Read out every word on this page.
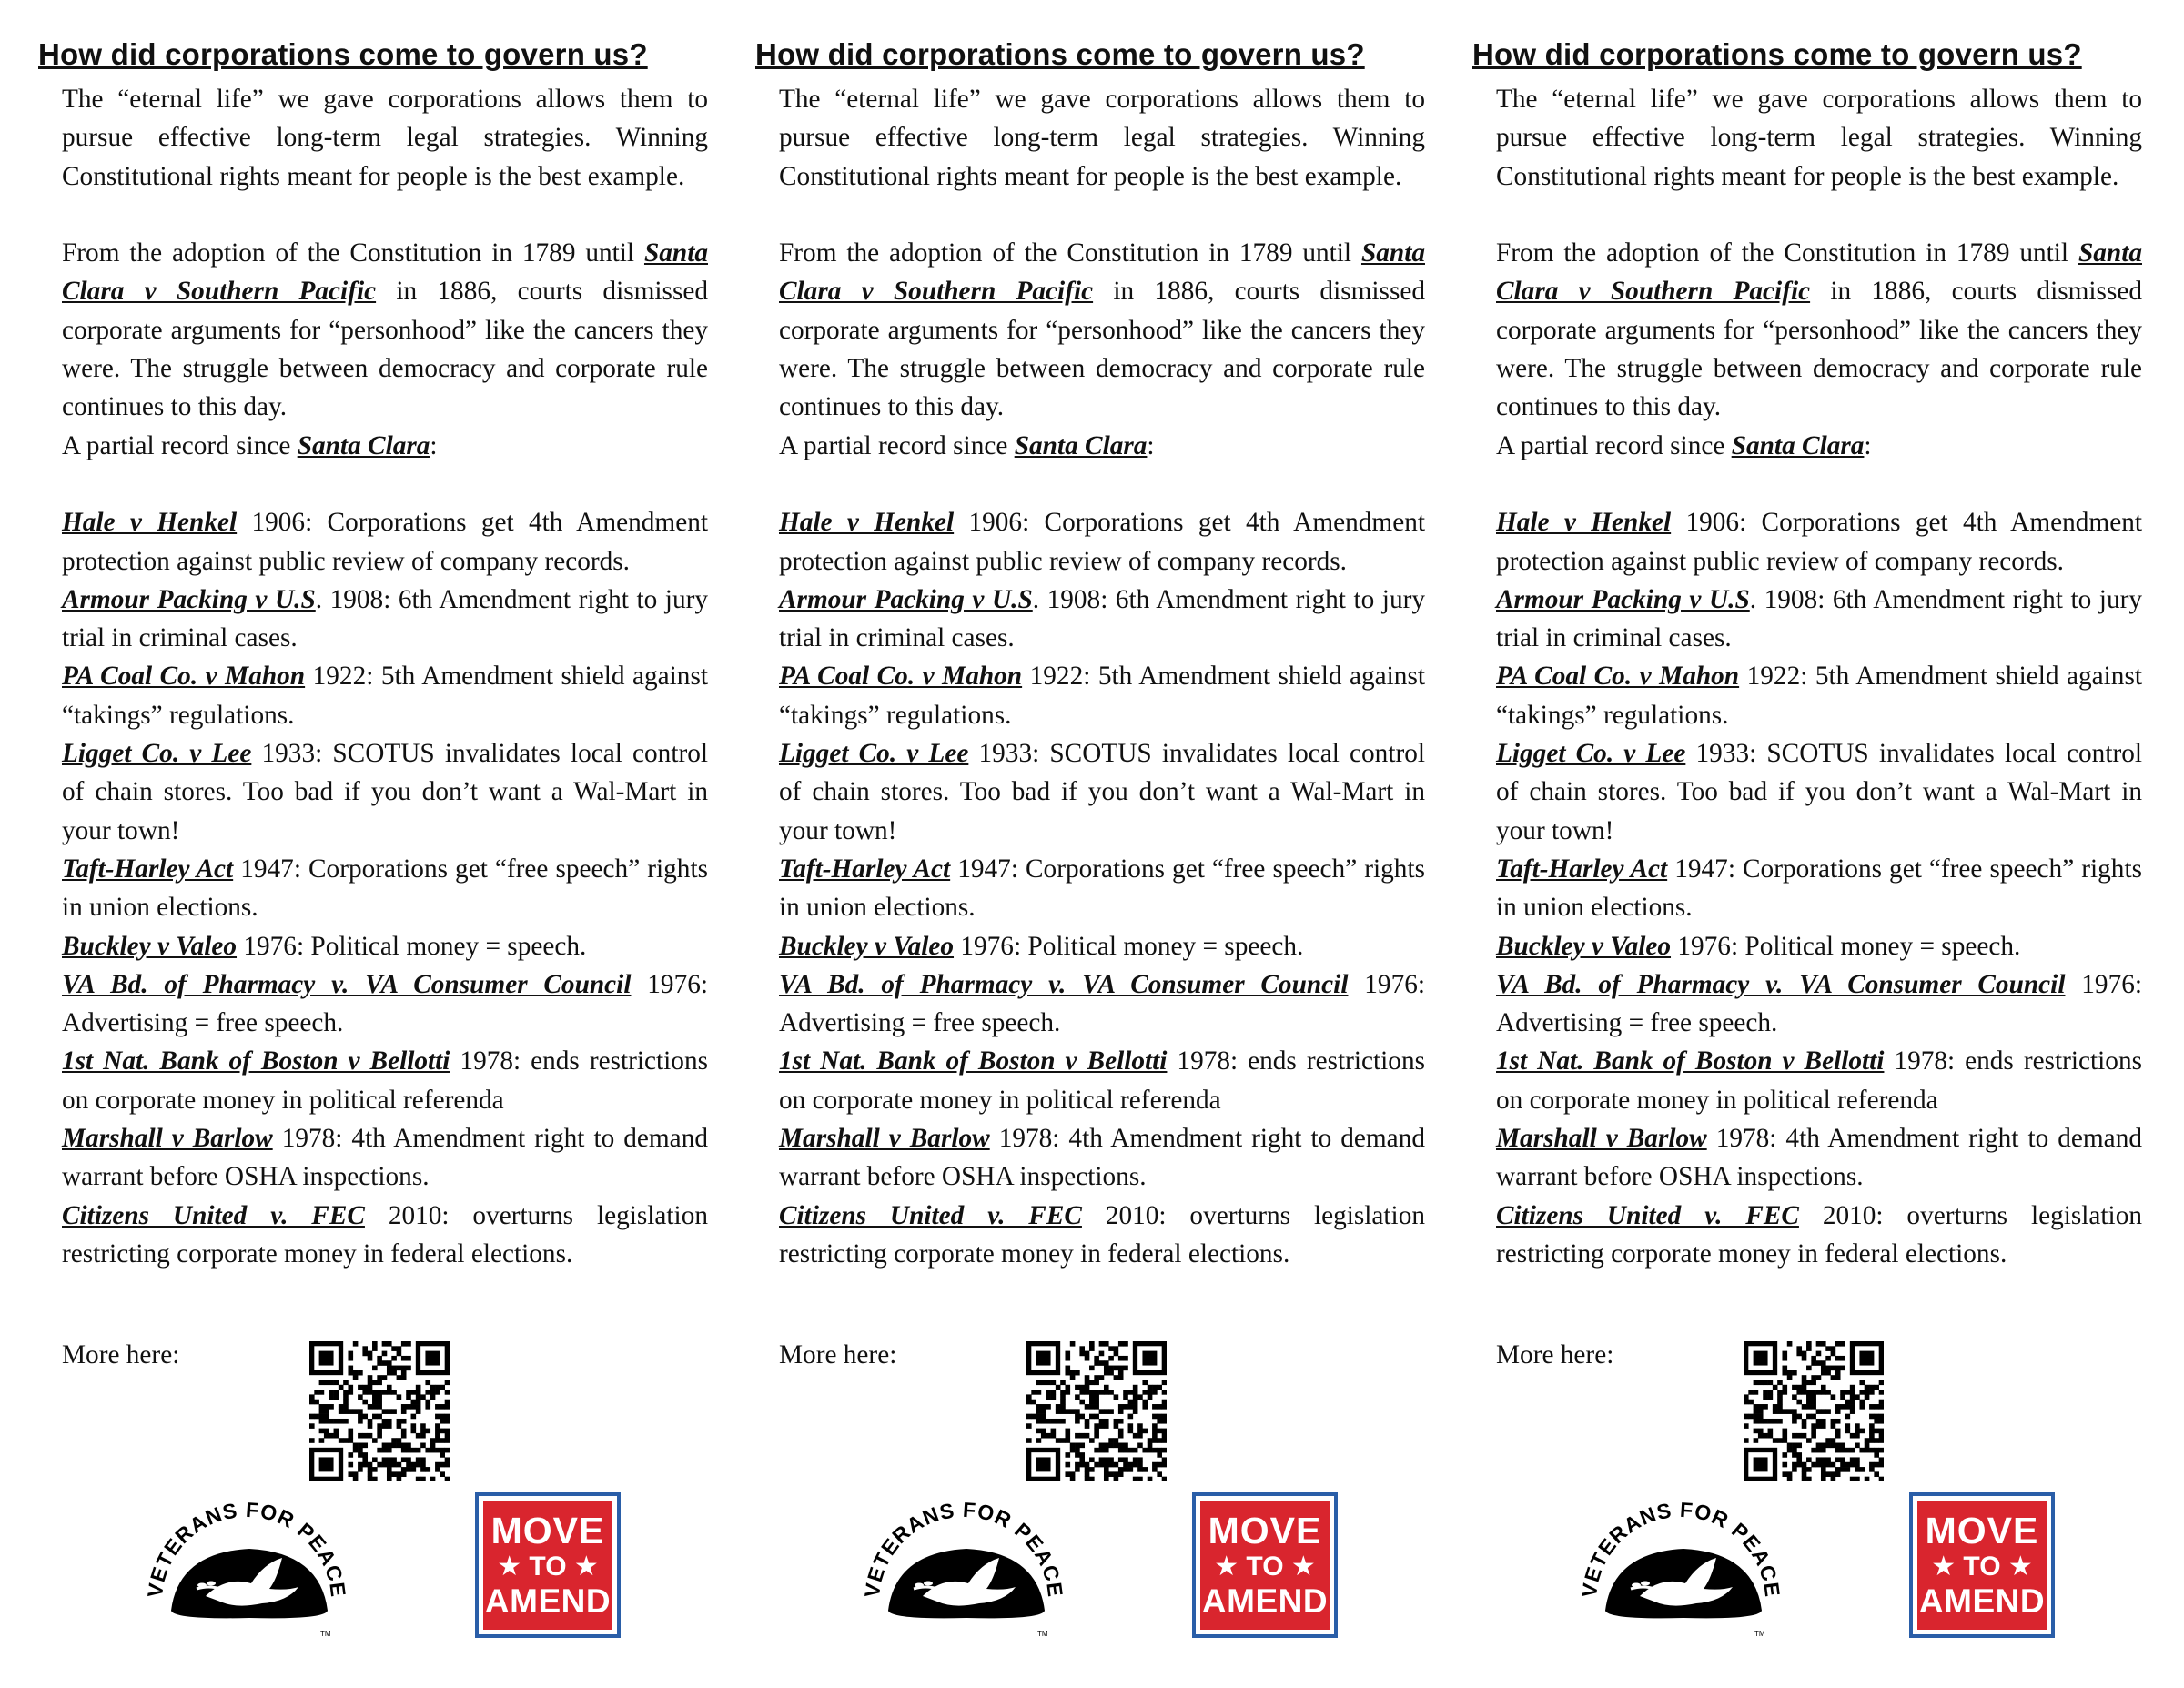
How did corporations come to govern us?

The “eternal life” we gave corporations allows them to pursue effective long-term legal strategies. Winning Constitutional rights meant for people is the best example.

From the adoption of the Constitution in 1789 until Santa Clara v Southern Pacific in 1886, courts dismissed corporate arguments for “personhood” like the cancers they were. The struggle between democracy and corporate rule continues to this day.

A partial record since Santa Clara:

Hale v Henkel 1906: Corporations get 4th Amendment protection against public review of company records.

Armour Packing v U.S. 1908: 6th Amendment right to jury trial in criminal cases.

PA Coal Co. v Mahon 1922: 5th Amendment shield against “takings” regulations.

Ligget Co. v Lee 1933: SCOTUS invalidates local control of chain stores. Too bad if you don’t want a Wal-Mart in your town!

Taft-Harley Act 1947: Corporations get “free speech” rights in union elections.

Buckley v Valeo 1976: Political money = speech.

VA Bd. of Pharmacy v. VA Consumer Council 1976: Advertising = free speech.

1st Nat. Bank of Boston v Bellotti 1978: ends restrictions on corporate money in political referenda

Marshall v Barlow 1978: 4th Amendment right to demand warrant before OSHA inspections.

Citizens United v. FEC 2010: overturns legislation restricting corporate money in federal elections.

More here:
VETERANS FOR PEACE
TM
MOVE
★ TO ★
AMEND
How did corporations come to govern us?

The “eternal life” we gave corporations allows them to pursue effective long-term legal strategies. Winning Constitutional rights meant for people is the best example.

From the adoption of the Constitution in 1789 until Santa Clara v Southern Pacific in 1886, courts dismissed corporate arguments for “personhood” like the cancers they were. The struggle between democracy and corporate rule continues to this day.

A partial record since Santa Clara:

Hale v Henkel 1906: Corporations get 4th Amendment protection against public review of company records.

Armour Packing v U.S. 1908: 6th Amendment right to jury trial in criminal cases.

PA Coal Co. v Mahon 1922: 5th Amendment shield against “takings” regulations.

Ligget Co. v Lee 1933: SCOTUS invalidates local control of chain stores. Too bad if you don’t want a Wal-Mart in your town!

Taft-Harley Act 1947: Corporations get “free speech” rights in union elections.

Buckley v Valeo 1976: Political money = speech.

VA Bd. of Pharmacy v. VA Consumer Council 1976: Advertising = free speech.

1st Nat. Bank of Boston v Bellotti 1978: ends restrictions on corporate money in political referenda

Marshall v Barlow 1978: 4th Amendment right to demand warrant before OSHA inspections.

Citizens United v. FEC 2010: overturns legislation restricting corporate money in federal elections.

More here:
VETERANS FOR PEACE
TM
MOVE
★ TO ★
AMEND
How did corporations come to govern us?

The “eternal life” we gave corporations allows them to pursue effective long-term legal strategies. Winning Constitutional rights meant for people is the best example.

From the adoption of the Constitution in 1789 until Santa Clara v Southern Pacific in 1886, courts dismissed corporate arguments for “personhood” like the cancers they were. The struggle between democracy and corporate rule continues to this day.

A partial record since Santa Clara:

Hale v Henkel 1906: Corporations get 4th Amendment protection against public review of company records.

Armour Packing v U.S. 1908: 6th Amendment right to jury trial in criminal cases.

PA Coal Co. v Mahon 1922: 5th Amendment shield against “takings” regulations.

Ligget Co. v Lee 1933: SCOTUS invalidates local control of chain stores. Too bad if you don’t want a Wal-Mart in your town!

Taft-Harley Act 1947: Corporations get “free speech” rights in union elections.

Buckley v Valeo 1976: Political money = speech.

VA Bd. of Pharmacy v. VA Consumer Council 1976: Advertising = free speech.

1st Nat. Bank of Boston v Bellotti 1978: ends restrictions on corporate money in political referenda

Marshall v Barlow 1978: 4th Amendment right to demand warrant before OSHA inspections.

Citizens United v. FEC 2010: overturns legislation restricting corporate money in federal elections.

More here:
VETERANS FOR PEACE
TM
MOVE
★ TO ★
AMEND
